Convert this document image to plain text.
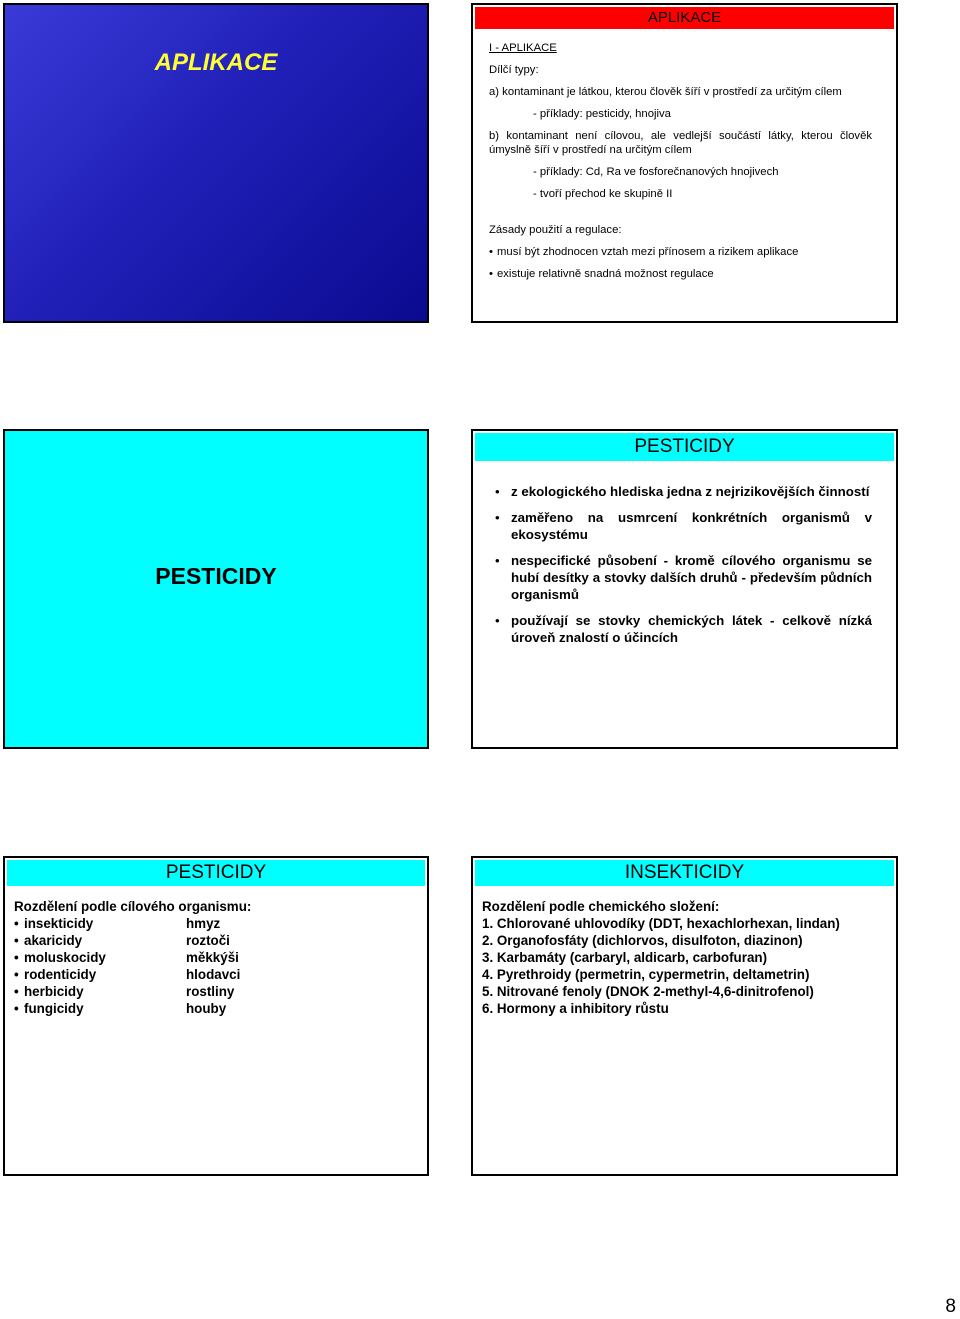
APLIKACE
APLIKACE

I - APLIKACE

Dílčí typy:

a) kontaminant je látkou, kterou člověk šíří v prostředí za určitým cílem

- příklady: pesticidy, hnojiva

b) kontaminant není cílovou, ale vedlejší součástí látky, kterou člověk úmyslně šíří v prostředí na určitým cílem

- příklady: Cd, Ra ve fosforečnanových hnojivech

- tvoří přechod ke skupině II

Zásady použití a regulace:

• musí být zhodnocen vztah mezi přínosem a rizikem aplikace

• existuje relativně snadná možnost regulace

PESTICIDY
PESTICIDY
• z ekologického hlediska jedna z nejrizikovějších činností
• zaměřeno na usmrcení konkrétních organismů v ekosystému
• nespecifické působení - kromě cílového organismu se hubí desítky a stovky dalších druhů - především půdních organismů
• používají se stovky chemických látek - celkově nízká úroveň znalostí o účincích
PESTICIDY

Rozdělení podle cílového organismu:

• insekticidy	hmyz
• akaricidy	roztoči
• moluskocidy	měkkýši
• rodenticidy	hlodavci
• herbicidy	rostliny
• fungicidy	houby
INSEKTICIDY

Rozdělení podle chemického složení:

1. Chlorované uhlovodíky (DDT, hexachlorhexan, lindan)

2. Organofosfáty (dichlorvos, disulfoton, diazinon)

3. Karbamáty (carbaryl, aldicarb, carbofuran)

4. Pyrethroidy (permetrin, cypermetrin, deltametrin)

5. Nitrované fenoly (DNOK 2-methyl-4,6-dinitrofenol)

6. Hormony a inhibitory růstu

8
